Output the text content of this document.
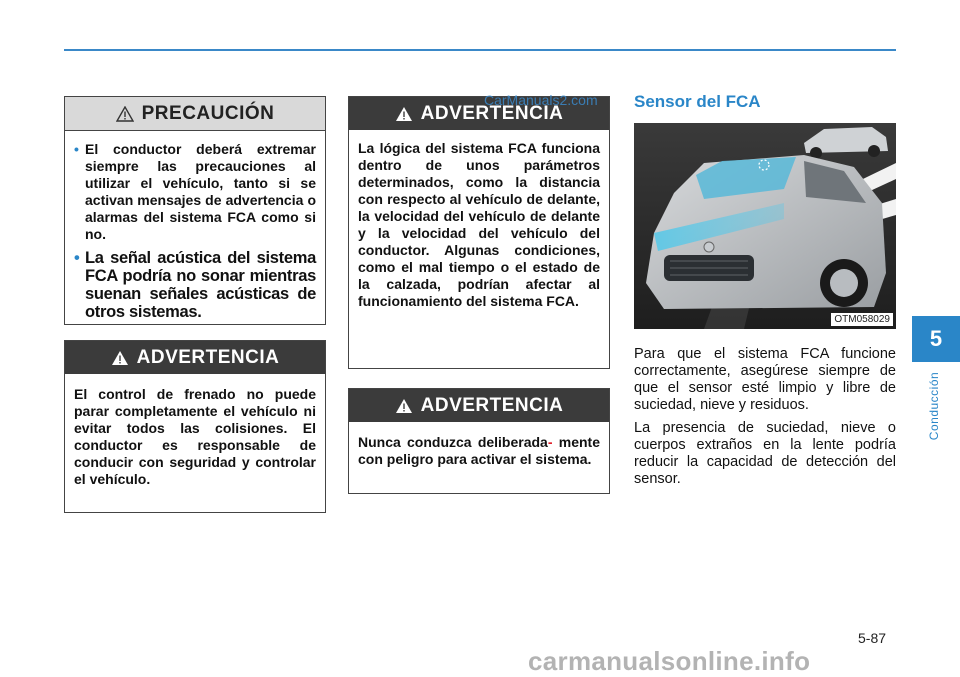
PRECAUCIÓN
• El conductor deberá extremar siempre las precauciones al utilizar el vehículo, tanto si se activan mensajes de advertencia o alarmas del sistema FCA como si no.
• La señal acústica del sistema FCA podría no sonar mientras suenan señales acústicas de otros sistemas.
ADVERTENCIA
El control de frenado no puede parar completamente el vehículo ni evitar todos las colisiones. El conductor es responsable de conducir con seguridad y controlar el vehículo.
ADVERTENCIA
La lógica del sistema FCA funciona dentro de unos parámetros determinados, como la distancia con respecto al vehículo de delante, la velocidad del vehículo de delante y la velocidad del vehículo del conductor. Algunas condiciones, como el mal tiempo o el estado de la calzada, podrían afectar al funcionamiento del sistema FCA.
ADVERTENCIA
Nunca conduzca deliberada- mente con peligro para activar el sistema.
Sensor del FCA
OTM058029
Para que el sistema FCA funcione correctamente, asegúrese siempre de que el sensor esté limpio y libre de suciedad, nieve y residuos.
La presencia de suciedad, nieve o cuerpos extraños en la lente podría reducir la capacidad de detección del sensor.
CarManuals2.com
carmanualsonline.info
5-87
5
Conducción
